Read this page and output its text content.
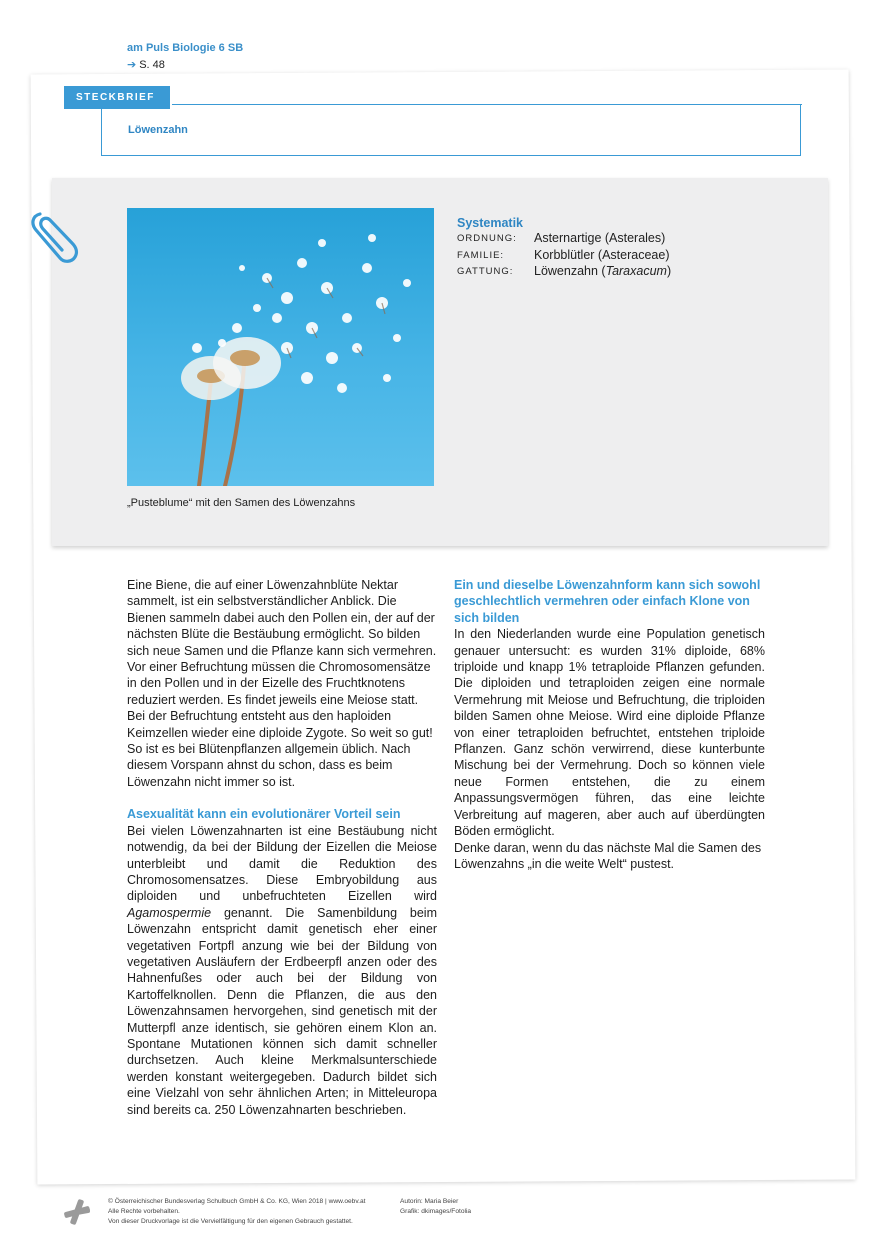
am Puls Biologie 6 SB
➔ S. 48
STECKBRIEF
Löwenzahn
„Pusteblume“ mit den Samen des Löwenzahns
Systematik
ORDNUNG: Asternartige (Asterales)
FAMILIE: Korbblütler (Asteraceae)
GATTUNG: Löwenzahn (Taraxacum)

Eine Biene, die auf einer Löwenzahnblüte Nektar sammelt, ist ein selbstverständlicher Anblick. Die Bienen sammeln dabei auch den Pollen ein, der auf der nächsten Blüte die Bestäubung ermöglicht. So bilden sich neue Samen und die Pflanze kann sich vermehren. Vor einer Befruchtung müssen die Chromosomensätze in den Pollen und in der Eizelle des Fruchtknotens reduziert werden. Es findet jeweils eine Meiose statt. Bei der Befruchtung entsteht aus den haploiden Keimzellen wieder eine diploide Zygote. So weit so gut! So ist es bei Blütenpflanzen allgemein üblich. Nach diesem Vorspann ahnst du schon, dass es beim Löwenzahn nicht immer so ist.

Asexualität kann ein evolutionärer Vorteil sein

Bei vielen Löwenzahnarten ist eine Bestäubung nicht notwendig, da bei der Bildung der Eizellen die Meiose unterbleibt und damit die Reduktion des Chromosomensatzes. Diese Embryobildung aus diploiden und unbefruchteten Eizellen wird Agamospermie genannt. Die Samenbildung beim Löwenzahn entspricht damit genetisch eher einer vegetativen Fortpfl anzung wie bei der Bildung von vegetativen Ausläufern der Erdbeerpfl anzen oder des Hahnenfußes oder auch bei der Bildung von Kartoffelknollen. Denn die Pflanzen, die aus den Löwenzahnsamen hervorgehen, sind genetisch mit der Mutterpfl anze identisch, sie gehören einem Klon an. Spontane Mutationen können sich damit schneller durchsetzen. Auch kleine Merkmalsunterschiede werden konstant weitergegeben. Dadurch bildet sich eine Vielzahl von sehr ähnlichen Arten; in Mitteleuropa sind bereits ca. 250 Löwenzahnarten beschrieben.

Ein und dieselbe Löwenzahnform kann sich sowohl geschlechtlich vermehren oder einfach Klone von sich bilden

In den Niederlanden wurde eine Population genetisch genauer untersucht: es wurden 31% diploide, 68% triploide und knapp 1% tetraploide Pflanzen gefunden. Die diploiden und tetraploiden zeigen eine normale Vermehrung mit Meiose und Befruchtung, die triploiden bilden Samen ohne Meiose. Wird eine diploide Pflanze von einer tetraploiden befruchtet, entstehen triploide Pflanzen. Ganz schön verwirrend, diese kunterbunte Mischung bei der Vermehrung. Doch so können viele neue Formen entstehen, die zu einem Anpassungsvermögen führen, das eine leichte Verbreitung auf mageren, aber auch auf überdüngten Böden ermöglicht.

Denke daran, wenn du das nächste Mal die Samen des Löwenzahns „in die weite Welt“ pustest.

© Österreichischer Bundesverlag Schulbuch GmbH & Co. KG, Wien 2018 | www.oebv.at
Alle Rechte vorbehalten.
Von dieser Druckvorlage ist die Vervielfältigung für den eigenen Gebrauch gestattet.
Autorin: Maria Beier
Grafik: dkimages/Fotolia
